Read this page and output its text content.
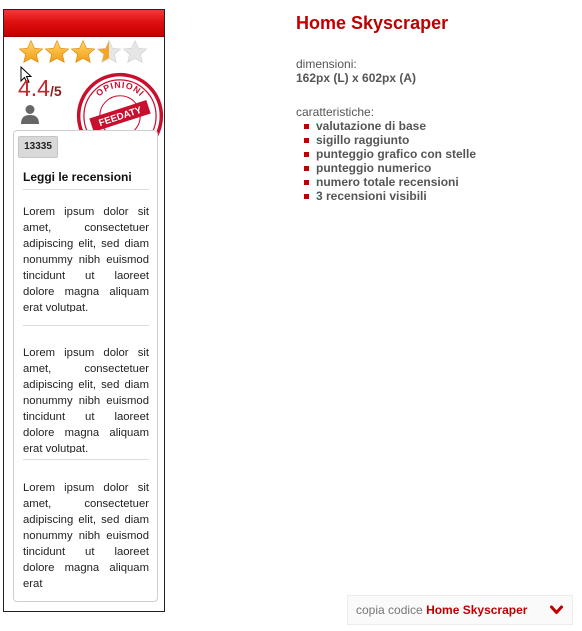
4.4/5	OPINIONI
FEEDATY
13335
Leggi le recensioni
Lorem ipsum dolor sit amet, consectetuer adipiscing elit, sed diam nonummy nibh euismod tincidunt ut laoreet dolore magna aliquam erat volutpat.
Lorem ipsum dolor sit amet, consectetuer adipiscing elit, sed diam nonummy nibh euismod tincidunt ut laoreet dolore magna aliquam erat volutpat.
Lorem ipsum dolor sit amet, consectetuer adipiscing elit, sed diam nonummy nibh euismod tincidunt ut laoreet dolore magna aliquam erat
Home Skyscraper
dimensioni:
162px (L) x 602px (A)
caratteristiche:
valutazione di base
sigillo raggiunto
punteggio grafico con stelle
punteggio numerico
numero totale recensioni
3 recensioni visibili
copia codice Home Skyscraper
